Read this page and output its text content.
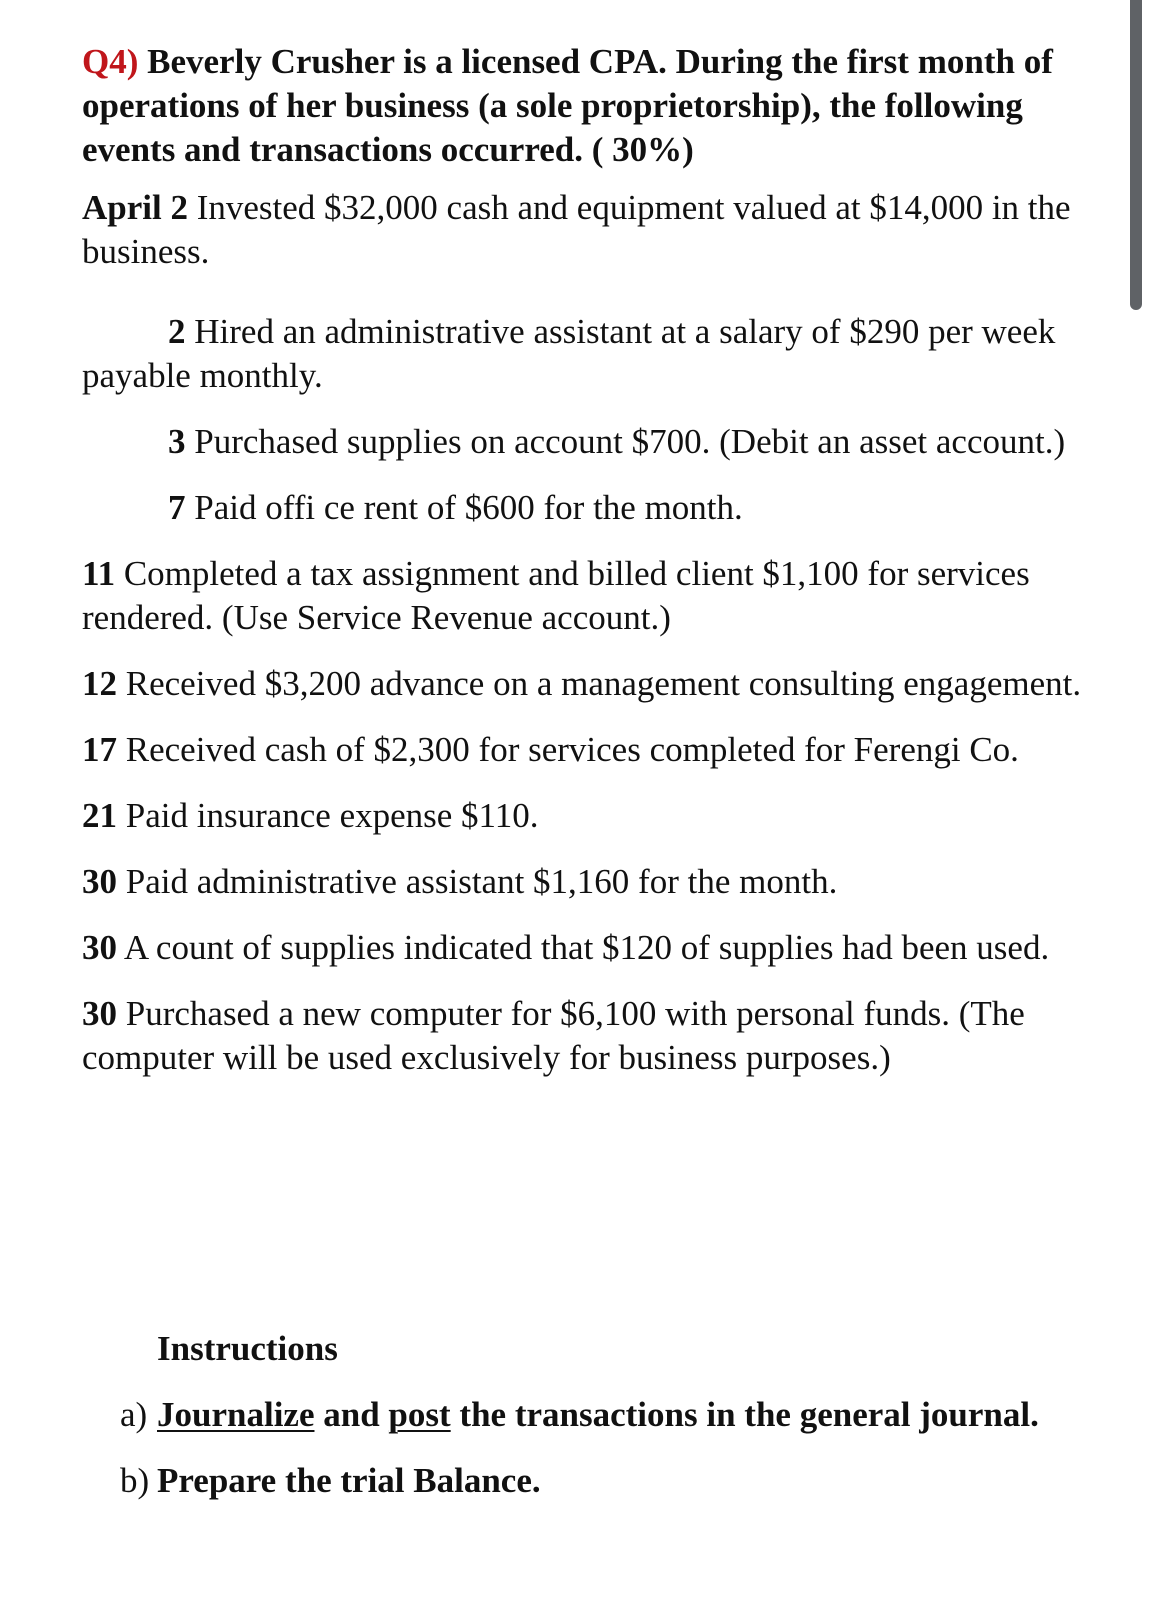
Q4) Beverly Crusher is a licensed CPA. During the first month of operations of her business (a sole proprietorship), the following events and transactions occurred. ( 30%)

April 2 Invested $32,000 cash and equipment valued at $14,000 in the business.

2 Hired an administrative assistant at a salary of $290 per week payable monthly.

3 Purchased supplies on account $700. (Debit an asset account.)

7 Paid offi ce rent of $600 for the month.

11 Completed a tax assignment and billed client $1,100 for services rendered. (Use Service Revenue account.)

12 Received $3,200 advance on a management consulting engagement.

17 Received cash of $2,300 for services completed for Ferengi Co.

21 Paid insurance expense $110.

30 Paid administrative assistant $1,160 for the month.

30 A count of supplies indicated that $120 of supplies had been used.

30 Purchased a new computer for $6,100 with personal funds. (The computer will be used exclusively for business purposes.)

Instructions

a) Journalize and post the transactions in the general journal.
b) Prepare the trial Balance.
